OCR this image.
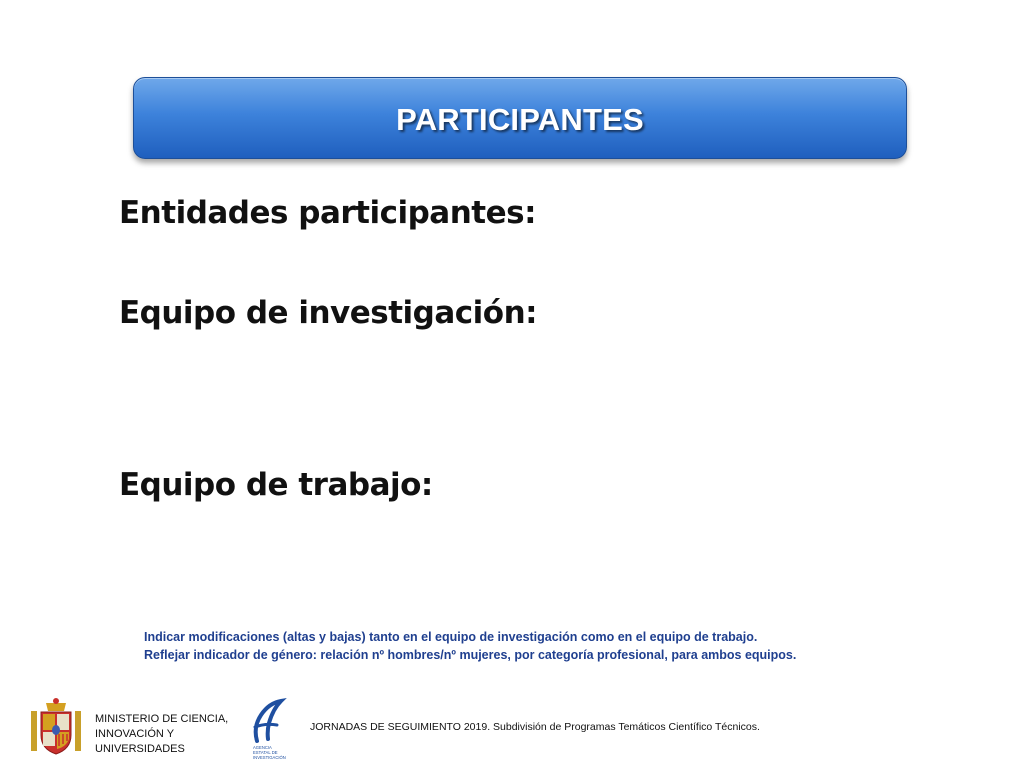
PARTICIPANTES
Entidades participantes:
Equipo de investigación:
Equipo de trabajo:
Indicar modificaciones (altas y bajas) tanto en el equipo de investigación como en el equipo de trabajo.
Reflejar indicador de género: relación nº hombres/nº mujeres, por categoría profesional, para ambos equipos.
MINISTERIO DE CIENCIA,
INNOVACIÓN Y
UNIVERSIDADES	AGENCIA
ESTATAL DE
INVESTIGACIÓN
JORNADAS DE SEGUIMIENTO 2019. Subdivisión de Programas Temáticos Científico Técnicos.
